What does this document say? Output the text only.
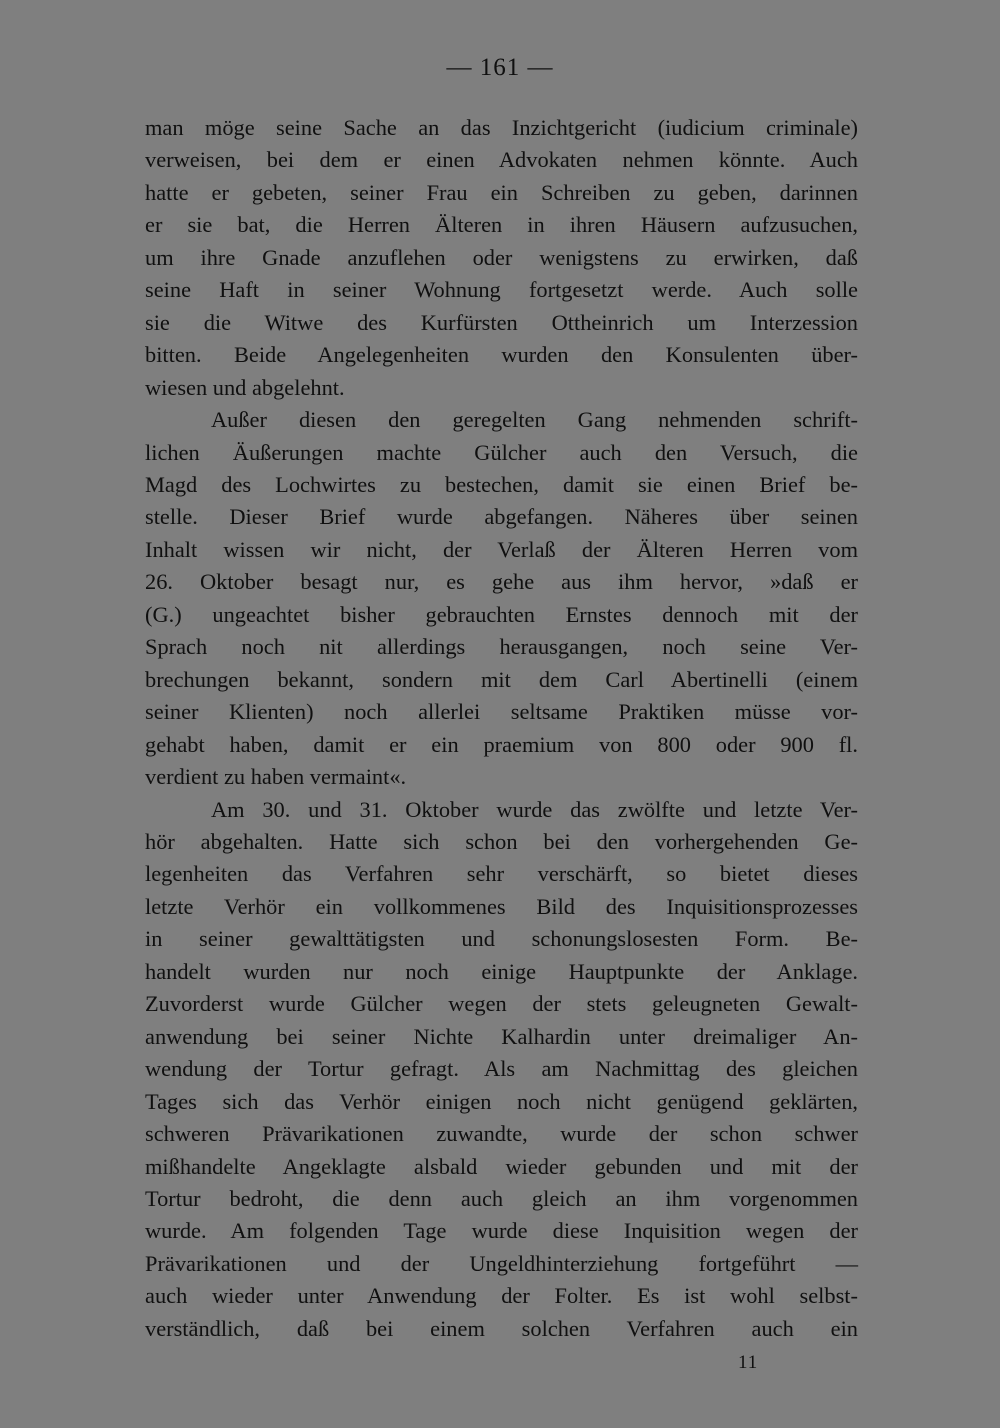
— 161 —

man möge seine Sache an das Inzichtgericht (iudicium criminale)

verweisen, bei dem er einen Advokaten nehmen könnte. Auch

hatte er gebeten, seiner Frau ein Schreiben zu geben, darinnen

er sie bat, die Herren Älteren in ihren Häusern aufzusuchen,

um ihre Gnade anzuflehen oder wenigstens zu erwirken, daß

seine Haft in seiner Wohnung fortgesetzt werde. Auch solle

sie die Witwe des Kurfürsten Ottheinrich um Interzession

bitten. Beide Angelegenheiten wurden den Konsulenten über-

wiesen und abgelehnt.

Außer diesen den geregelten Gang nehmenden schrift-

lichen Äußerungen machte Gülcher auch den Versuch, die

Magd des Lochwirtes zu bestechen, damit sie einen Brief be-

stelle. Dieser Brief wurde abgefangen. Näheres über seinen

Inhalt wissen wir nicht, der Verlaß der Älteren Herren vom

26. Oktober besagt nur, es gehe aus ihm hervor, »daß er

(G.) ungeachtet bisher gebrauchten Ernstes dennoch mit der

Sprach noch nit allerdings herausgangen, noch seine Ver-

brechungen bekannt, sondern mit dem Carl Abertinelli (einem

seiner Klienten) noch allerlei seltsame Praktiken müsse vor-

gehabt haben, damit er ein praemium von 800 oder 900 fl.

verdient zu haben vermaint«.

Am 30. und 31. Oktober wurde das zwölfte und letzte Ver-

hör abgehalten. Hatte sich schon bei den vorhergehenden Ge-

legenheiten das Verfahren sehr verschärft, so bietet dieses

letzte Verhör ein vollkommenes Bild des Inquisitionsprozesses

in seiner gewalttätigsten und schonungslosesten Form. Be-

handelt wurden nur noch einige Hauptpunkte der Anklage.

Zuvorderst wurde Gülcher wegen der stets geleugneten Gewalt-

anwendung bei seiner Nichte Kalhardin unter dreimaliger An-

wendung der Tortur gefragt. Als am Nachmittag des gleichen

Tages sich das Verhör einigen noch nicht genügend geklärten,

schweren Prävarikationen zuwandte, wurde der schon schwer

mißhandelte Angeklagte alsbald wieder gebunden und mit der

Tortur bedroht, die denn auch gleich an ihm vorgenommen

wurde. Am folgenden Tage wurde diese Inquisition wegen der

Prävarikationen und der Ungeldhinterziehung fortgeführt —

auch wieder unter Anwendung der Folter. Es ist wohl selbst-

verständlich, daß bei einem solchen Verfahren auch ein

11
